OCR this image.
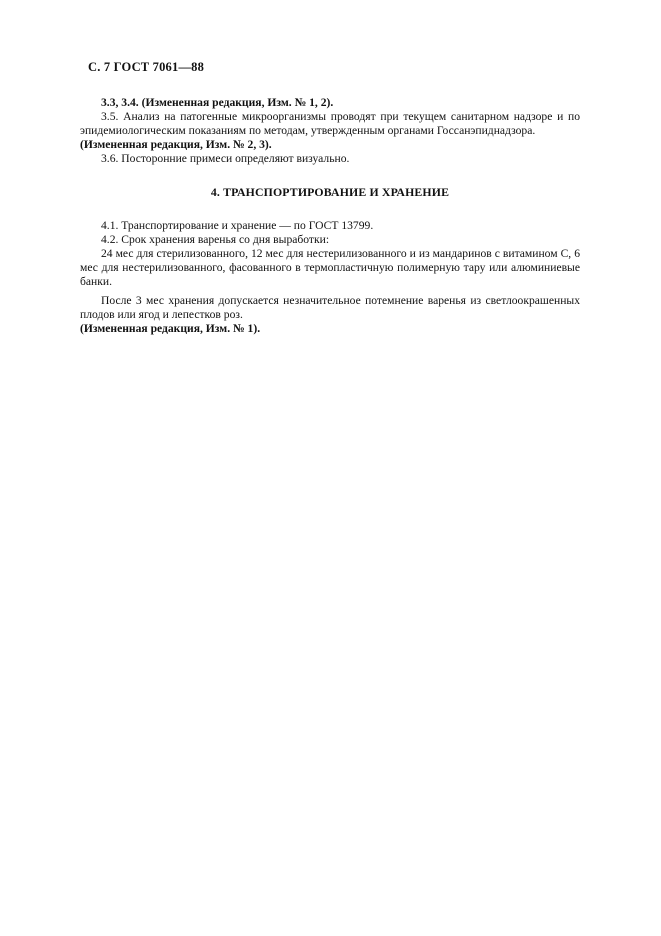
С. 7 ГОСТ 7061—88

3.3, 3.4. (Измененная редакция, Изм. № 1, 2).

3.5. Анализ на патогенные микроорганизмы проводят при текущем санитарном надзоре и по эпидемиологическим показаниям по методам, утвержденным органами Госсанэпиднадзора.

(Измененная редакция, Изм. № 2, 3).

3.6. Посторонние примеси определяют визуально.

4. ТРАНСПОРТИРОВАНИЕ И ХРАНЕНИЕ

4.1. Транспортирование и хранение — по ГОСТ 13799.

4.2. Срок хранения варенья со дня выработки:

24 мес для стерилизованного, 12 мес для нестерилизованного и из мандаринов с витамином С, 6 мес для нестерилизованного, фасованного в термопластичную полимерную тару или алюминиевые банки.

После 3 мес хранения допускается незначительное потемнение варенья из светлоокрашенных плодов или ягод и лепестков роз.

(Измененная редакция, Изм. № 1).
